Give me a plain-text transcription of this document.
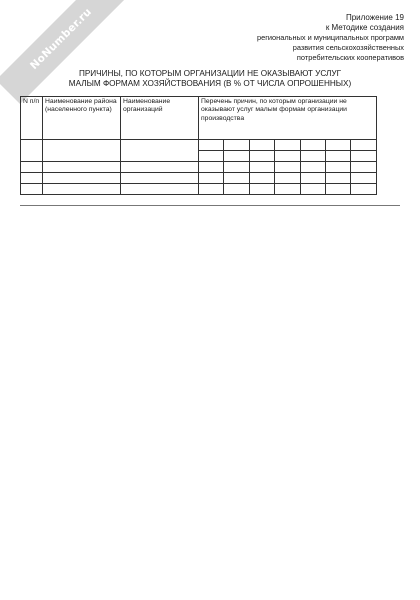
NoNumber.ru	Приложение 19
к Методике создания
региональных и муниципальных программ
развития сельскохозяйственных
потребительских кооперативов
ПРИЧИНЫ, ПО КОТОРЫМ ОРГАНИЗАЦИИ НЕ ОКАЗЫВАЮТ УСЛУГ
МАЛЫМ ФОРМАМ ХОЗЯЙСТВОВАНИЯ (В % ОТ ЧИСЛА ОПРОШЕННЫХ)
N п/п	Наименование района (населенного пункта)	Наименование организаций	Перечень причин, по которым организации не оказывают услуг малым формам организации производства						
